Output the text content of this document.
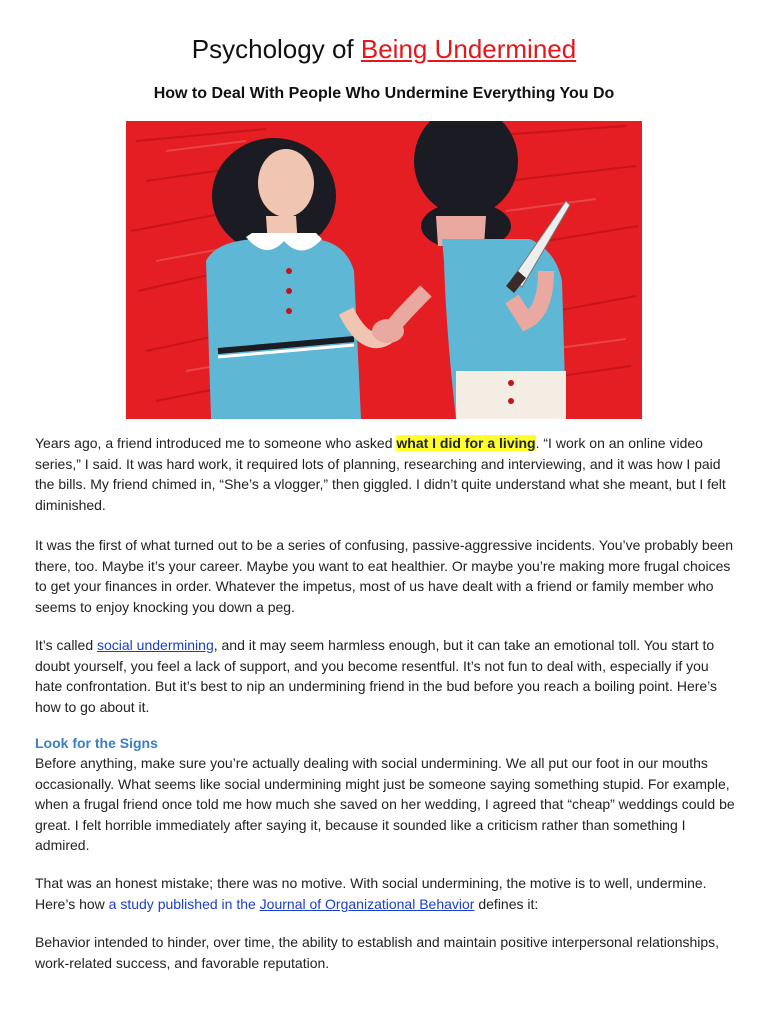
Psychology of Being Undermined
How to Deal With People Who Undermine Everything You Do

Years ago, a friend introduced me to someone who asked what I did for a living. “I work on an online video series,” I said. It was hard work, it required lots of planning, researching and interviewing, and it was how I paid the bills. My friend chimed in, “She’s a vlogger,” then giggled. I didn’t quite understand what she meant, but I felt diminished.

It was the first of what turned out to be a series of confusing, passive-aggressive incidents. You’ve probably been there, too. Maybe it’s your career. Maybe you want to eat healthier. Or maybe you’re making more frugal choices to get your finances in order. Whatever the impetus, most of us have dealt with a friend or family member who seems to enjoy knocking you down a peg.

It’s called social undermining, and it may seem harmless enough, but it can take an emotional toll. You start to doubt yourself, you feel a lack of support, and you become resentful. It’s not fun to deal with, especially if you hate confrontation. But it’s best to nip an undermining friend in the bud before you reach a boiling point. Here’s how to go about it.

Look for the Signs

Before anything, make sure you’re actually dealing with social undermining. We all put our foot in our mouths occasionally. What seems like social undermining might just be someone saying something stupid. For example, when a frugal friend once told me how much she saved on her wedding, I agreed that “cheap” weddings could be great. I felt horrible immediately after saying it, because it sounded like a criticism rather than something I admired.

That was an honest mistake; there was no motive. With social undermining, the motive is to well, undermine. Here’s how a study published in the Journal of Organizational Behavior defines it:

Behavior intended to hinder, over time, the ability to establish and maintain positive interpersonal relationships, work-related success, and favorable reputation.
